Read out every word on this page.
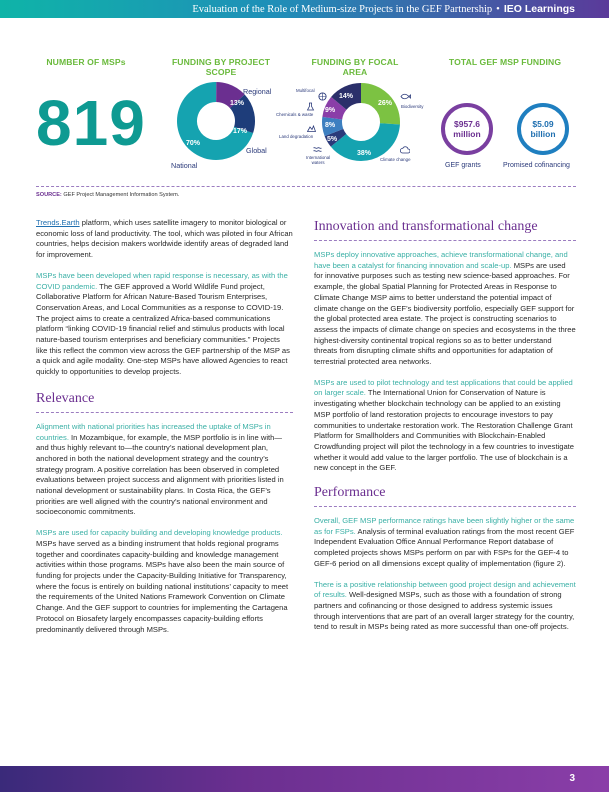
Evaluation of the Role of Medium-size Projects in the GEF Partnership • IEO Learnings
NUMBER OF MSPs
819
FUNDING BY PROJECT SCOPE
70%
13%
17%
Regional
Global
National
FUNDING BY FOCAL AREA
26%
38%
5%
8%
9%
14%
Multifocal
Chemicals & waste
Land degradation
International
waters
Climate change
Biodiversity
TOTAL GEF MSP FUNDING
$957.6
million
$5.09
billion
GEF grants	Promised cofinancing
SOURCE: GEF Project Management Information System.

Trends.Earth platform, which uses satellite imagery to monitor biological or economic loss of land productivity. The tool, which was piloted in four African countries, helps decision makers worldwide identify areas of degraded land for improvement.

MSPs have been developed when rapid response is necessary, as with the COVID pandemic. The GEF approved a World Wildlife Fund project, Collaborative Platform for African Nature-Based Tourism Enterprises, Conservation Areas, and Local Communities as a response to COVID-19. The project aims to create a centralized Africa-based communications platform “linking COVID-19 financial relief and stimulus products with local nature-based tourism enterprises and beneficiary communities.” Projects like this reflect the common view across the GEF partnership of the MSP as a quick and agile modality. One-step MSPs have allowed Agencies to react quickly to opportunities to develop projects.

Relevance

Alignment with national priorities has increased the uptake of MSPs in countries. In Mozambique, for example, the MSP portfolio is in line with—and thus highly relevant to—the country’s national development plan, anchored in both the national development strategy and the country’s strategy program. A positive correlation has been observed in completed evaluations between project success and alignment with priorities listed in national development or sustainability plans. In Costa Rica, the GEF’s priorities are well aligned with the country’s national environment and socioeconomic commitments.

MSPs are used for capacity building and developing knowledge products. MSPs have served as a binding instrument that holds regional programs together and coordinates capacity-building and knowledge management activities within those programs. MSPs have also been the main source of funding for projects under the Capacity-Building Initiative for Transparency, where the focus is entirely on building national institutions’ capacity to meet the requirements of the United Nations Framework Convention on Climate Change. And the GEF support to countries for implementing the Cartagena Protocol on Biosafety largely encompasses capacity-building efforts predominantly delivered through MSPs.

Innovation and transformational change

MSPs deploy innovative approaches, achieve transformational change, and have been a catalyst for financing innovation and scale-up. MSPs are used for innovative purposes such as testing new science-based approaches. For example, the global Spatial Planning for Protected Areas in Response to Climate Change MSP aims to better understand the potential impact of climate change on the GEF’s biodiversity portfolio, especially GEF support for the global protected area estate. The project is constructing scenarios to assess the impacts of climate change on species and ecosystems in the three highest-diversity continental tropical regions so as to better understand threats from disrupting climate shifts and opportunities for adaptation of terrestrial protected area networks.

MSPs are used to pilot technology and test applications that could be applied on larger scale. The International Union for Conservation of Nature is investigating whether blockchain technology can be applied to an existing MSP portfolio of land restoration projects to encourage investors to pay communities to undertake restoration work. The Restoration Challenge Grant Platform for Smallholders and Communities with Blockchain-Enabled Crowdfunding project will pilot the technology in a few countries to investigate whether it would add value to the larger portfolio. The use of blockchain is a new concept in the GEF.

Performance

Overall, GEF MSP performance ratings have been slightly higher or the same as for FSPs. Analysis of terminal evaluation ratings from the most recent GEF Independent Evaluation Office Annual Performance Report database of completed projects shows MSPs perform on par with FSPs for the GEF-4 to GEF-6 period on all dimensions except quality of implementation (figure 2).

There is a positive relationship between good project design and achievement of results. Well-designed MSPs, such as those with a foundation of strong partners and cofinancing or those designed to address systemic issues through interventions that are part of an overall larger strategy for the country, tend to result in MSPs being rated as more successful than one-off projects.

3
